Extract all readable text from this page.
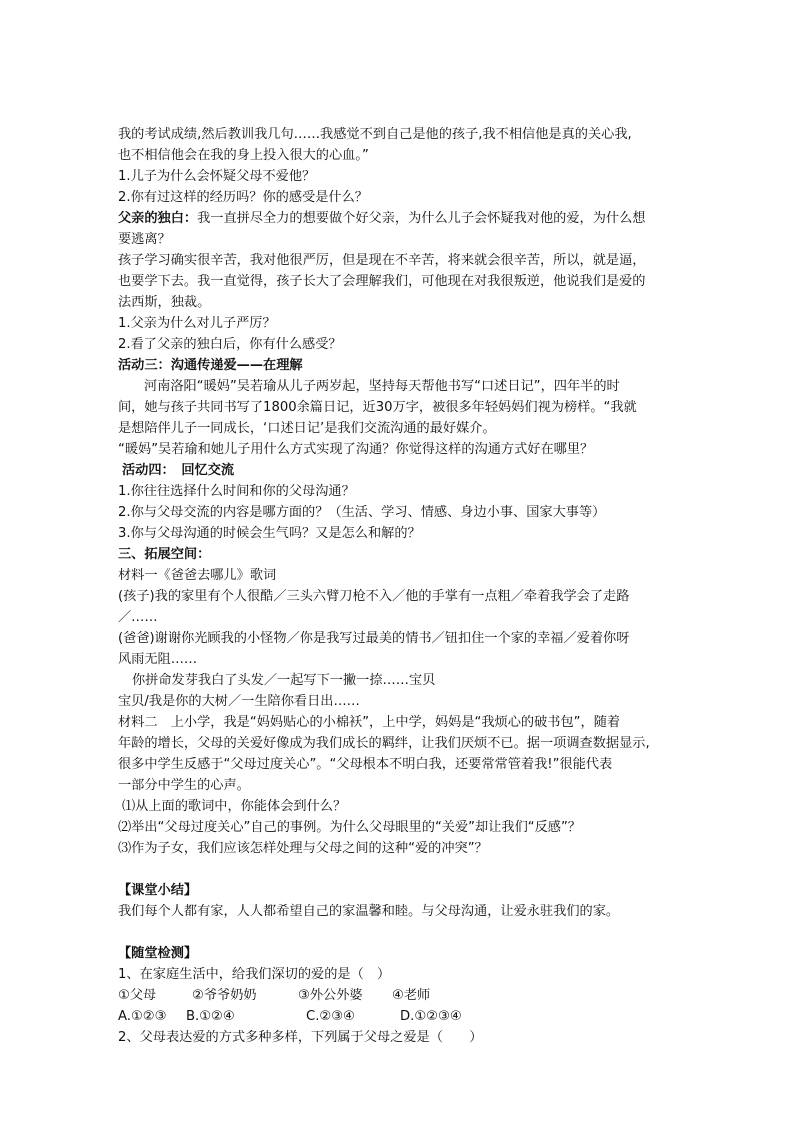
我的考试成绩,然后教训我几句……我感觉不到自己是他的孩子,我不相信他是真的关心我,

也不相信他会在我的身上投入很大的心血。”

1.儿子为什么会怀疑父母不爱他？

2.你有过这样的经历吗？你的感受是什么？

父亲的独白：我一直拼尽全力的想要做个好父亲，为什么儿子会怀疑我对他的爱，为什么想

要逃离？

孩子学习确实很辛苦，我对他很严厉，但是现在不辛苦，将来就会很辛苦，所以，就是逼，

也要学下去。我一直觉得，孩子长大了会理解我们，可他现在对我很叛逆，他说我们是爱的

法西斯，独裁。

1.父亲为什么对儿子严厉？

2.看了父亲的独白后，你有什么感受？

活动三：沟通传递爱——在理解

河南洛阳“暖妈”吴若瑜从儿子两岁起，坚持每天帮他书写“口述日记”，四年半的时

间，她与孩子共同书写了1800余篇日记，近30万字，被很多年轻妈妈们视为榜样。“我就

是想陪伴儿子一同成长，‘口述日记’是我们交流沟通的最好媒介。

“暖妈”吴若瑜和她儿子用什么方式实现了沟通？你觉得这样的沟通方式好在哪里？

活动四：　回忆交流

1.你往往选择什么时间和你的父母沟通？

2.你与父母交流的内容是哪方面的？（生活、学习、情感、身边小事、国家大事等）

3.你与父母沟通的时候会生气吗？又是怎么和解的？

三、拓展空间：

材料一《爸爸去哪儿》歌词

(孩子)我的家里有个人很酷／三头六臂刀枪不入／他的手掌有一点粗／牵着我学会了走路

／……

(爸爸)谢谢你光顾我的小怪物／你是我写过最美的情书／钮扣住一个家的幸福／爱着你呀

风雨无阻……

你拼命发芽我白了头发／一起写下一撇一捺……宝贝

宝贝/我是你的大树／一生陪你看日出……

材料二　上小学，我是“妈妈贴心的小棉袄”，上中学，妈妈是“我烦心的破书包”，随着

年龄的增长，父母的关爱好像成为我们成长的羁绊，让我们厌烦不已。据一项调查数据显示,

很多中学生反感于“父母过度关心”。“父母根本不明白我，还要常常管着我!”很能代表

一部分中学生的心声。

⑴从上面的歌词中，你能体会到什么？

⑵举出“父母过度关心”自己的事例。为什么父母眼里的“关爱”却让我们“反感”？

⑶作为子女，我们应该怎样处理与父母之间的这种“爱的冲突”？

【课堂小结】

我们每个人都有家，人人都希望自己的家温馨和睦。与父母沟通，让爱永驻我们的家。

【随堂检测】

1、在家庭生活中，给我们深切的爱的是（　）

①父母	②爷爷奶奶	③外公外婆 ④老师

A.①②③ B.①②④	C.②③④	D.①②③④

2、父母表达爱的方式多种多样，下列属于父母之爱是（　　）
